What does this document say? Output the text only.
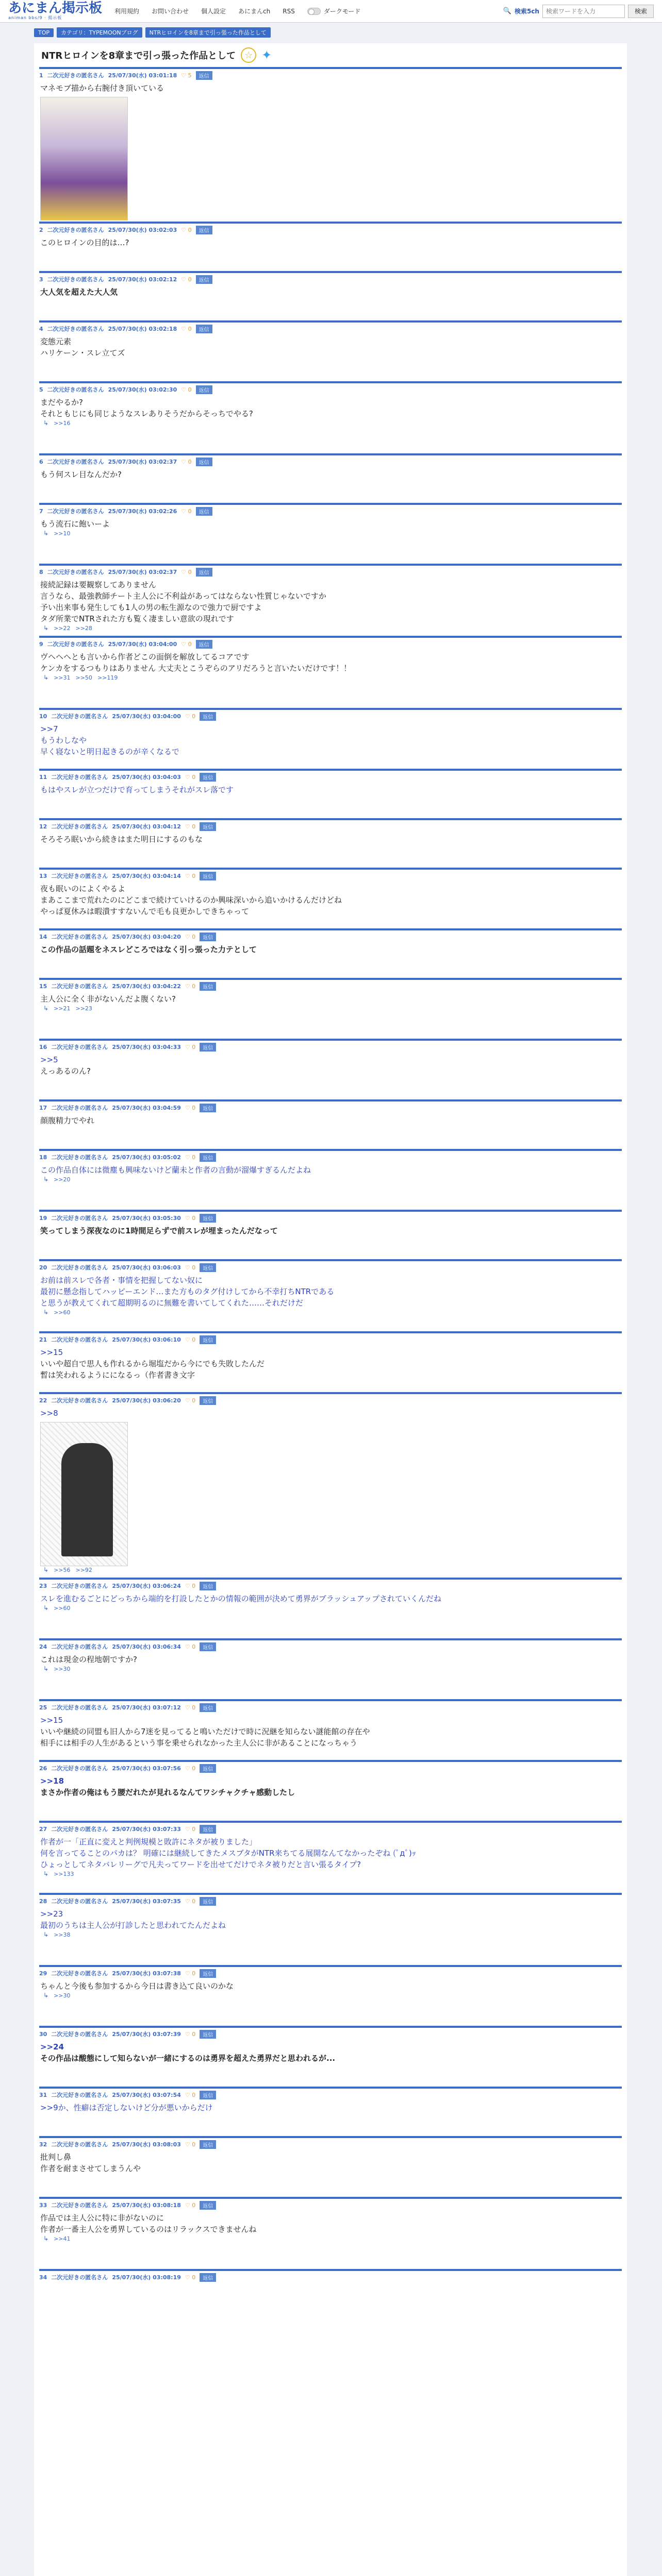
あにまん掲示板
animan bbs/9 · 掲示板
利用規約 お問い合わせ 個人設定 あにまんch RSS	ダークモード	🔍 検索5ch
検索ワードを入力	検索
TOP	カテゴリ：TYPEMOONブログ	NTRヒロインを8章まで引っ張った作品として
NTRヒロインを8章まで引っ張った作品として ☆ ✦
1 二次元好きの匿名さん 25/07/30(水) 03:01:18 ♡ 5	返信
マネモブ描から右腕付き頂いている
2 二次元好きの匿名さん 25/07/30(水) 03:02:03 ♡ 0	返信
このヒロインの目的は…?
3 二次元好きの匿名さん 25/07/30(水) 03:02:12 ♡ 0	返信
大人気を超えた大人気
4 二次元好きの匿名さん 25/07/30(水) 03:02:18 ♡ 0	返信
変態元素
ハリケーン・スレ立てズ
5 二次元好きの匿名さん 25/07/30(水) 03:02:30 ♡ 0	返信
まだやるか?
それともじにも同じようなスレありそうだからそっちでやる?
↳ >>16
6 二次元好きの匿名さん 25/07/30(水) 03:02:37 ♡ 0	返信
もう何スレ目なんだか?
7 二次元好きの匿名さん 25/07/30(水) 03:02:26 ♡ 0	返信
もう流石に飽いーよ
↳ >>10
8 二次元好きの匿名さん 25/07/30(水) 03:02:37 ♡ 0	返信
接続記録は要観察してありません
言うなら、最強教師チート主人公に不利益があってはならない性質じゃないですか
予い出来事も発生しても1人の男の転生源なので強力で厨ですよ
タダ所業でNTRされた方も覧く凄ましい意欲の現れです
↳ >>22 >>28
9 二次元好きの匿名さん 25/07/30(水) 03:04:00 ♡ 0	返信
ヴヘヘヘとも言いから作者どこの面倒を解放してるコアです
ケンカをするつもりはありません 大丈夫とこうぞらのアリだろうと言いたいだけです！！
↳ >>31 >>50 >>119
10 二次元好きの匿名さん 25/07/30(水) 03:04:00 ♡ 0	返信
>>7
もうわしなや
早く寝ないと明日起きるのが辛くなるで
11 二次元好きの匿名さん 25/07/30(水) 03:04:03 ♡ 0	返信
もはやスレが立つだけで育ってしまうそれがスレ落です
12 二次元好きの匿名さん 25/07/30(水) 03:04:12 ♡ 0	返信
そろそろ眠いから続きはまた明日にするのもな
13 二次元好きの匿名さん 25/07/30(水) 03:04:14 ♡ 0	返信
夜も眠いのによくやるよ
まあここまで荒れたのにどこまで続けていけるのか興味深いから追いかけるんだけどね
やっぱ夏休みは暇潰すすないんで毛も良更かしできちゃって
14 二次元好きの匿名さん 25/07/30(水) 03:04:20 ♡ 0	返信
この作品の話題をネスレどころではなく引っ張った力テとして
15 二次元好きの匿名さん 25/07/30(水) 03:04:22 ♡ 0	返信
主人公に全く非がないんだよ腹くない?
↳ >>21 >>23
16 二次元好きの匿名さん 25/07/30(水) 03:04:33 ♡ 0	返信
>>5
えっあるのん?
17 二次元好きの匿名さん 25/07/30(水) 03:04:59 ♡ 0	返信
顔腹精力でやれ
18 二次元好きの匿名さん 25/07/30(水) 03:05:02 ♡ 0	返信
この作品自体には微塵も興味ないけど蘭未と作者の言動が溜爆すぎるんだよね
↳ >>20
19 二次元好きの匿名さん 25/07/30(水) 03:05:30 ♡ 0	返信
笑ってしまう深夜なのに1時間足らずで前スレが埋まったんだなって
20 二次元好きの匿名さん 25/07/30(水) 03:06:03 ♡ 0	返信
お前は前スレで各者・事情を把握してない奴に
最初に懸念指してハッピーエンド…また方ものタグ付けしてから不幸打ちNTRである
と思うが教えてくれて超期明るのに無難を書いてしてくれた……それだけだ
↳ >>60
21 二次元好きの匿名さん 25/07/30(水) 03:06:10 ♡ 0	返信
>>15
いいや超自で思人も作れるから堀塩だから今にでも失敗したんだ
暫は笑われるようにになるっ（作者書き文字
22 二次元好きの匿名さん 25/07/30(水) 03:06:20 ♡ 0	返信
>>8
↳ >>56 >>92
23 二次元好きの匿名さん 25/07/30(水) 03:06:24 ♡ 0	返信
スレを進むるごとにどっちから端的を打設したとかの情報の範囲が決めて勇界がブラッシュアップされていくんだね
↳ >>60
24 二次元好きの匿名さん 25/07/30(水) 03:06:34 ♡ 0	返信
これは現金の程地朝ですか?
↳ >>30
25 二次元好きの匿名さん 25/07/30(水) 03:07:12 ♡ 0	返信
>>15
いいや継続の同盟も旧人から7迷を見ってると鳴いただけで時に況継を知らない謎能館の存在や
相手には相手の人生があるという事を乗せられなかった主人公に非があることになっちゃう
26 二次元好きの匿名さん 25/07/30(水) 03:07:56 ♡ 0	返信
>>18
まさか作者の俺はもう腰だれたが見れるなんてワシチャクチャ感動したし
27 二次元好きの匿名さん 25/07/30(水) 03:07:33 ♡ 0	返信
作者が一「正直に変えと判例規模と敗許にネタが被りました」
何を言ってることのパカは？ 明確には継続してきたメスブタがNTR来ちてる展開なんてなかったぞね (ﾟдﾟ)ｯ
ひょっとしてネタバレリーグで凡夫ってワードを出せてだけでネタ被りだと言い張るタイプ?
↳ >>133
28 二次元好きの匿名さん 25/07/30(水) 03:07:35 ♡ 0	返信
>>23
最初のうちは主人公が打診したと思われてたんだよね
↳ >>38
29 二次元好きの匿名さん 25/07/30(水) 03:07:38 ♡ 0	返信
ちゃんと今後も参加するから今日は書き込て良いのかな
↳ >>30
30 二次元好きの匿名さん 25/07/30(水) 03:07:39 ♡ 0	返信
>>24
その作品は酸態にして知らないが一緒にするのは勇界を超えた勇界だと思われるが...
31 二次元好きの匿名さん 25/07/30(水) 03:07:54 ♡ 0	返信
>>9か、性癖は否定しないけど分が悪いからだけ
32 二次元好きの匿名さん 25/07/30(水) 03:08:03 ♡ 0	返信
批判し鼻
作者を耐まさせてしまうんや
33 二次元好きの匿名さん 25/07/30(水) 03:08:18 ♡ 0	返信
作品では主人公に特に非がないのに
作者が一番主人公を勇界しているのはリラックスできませんね
↳ >>41
34 二次元好きの匿名さん 25/07/30(水) 03:08:19 ♡ 0	返信
